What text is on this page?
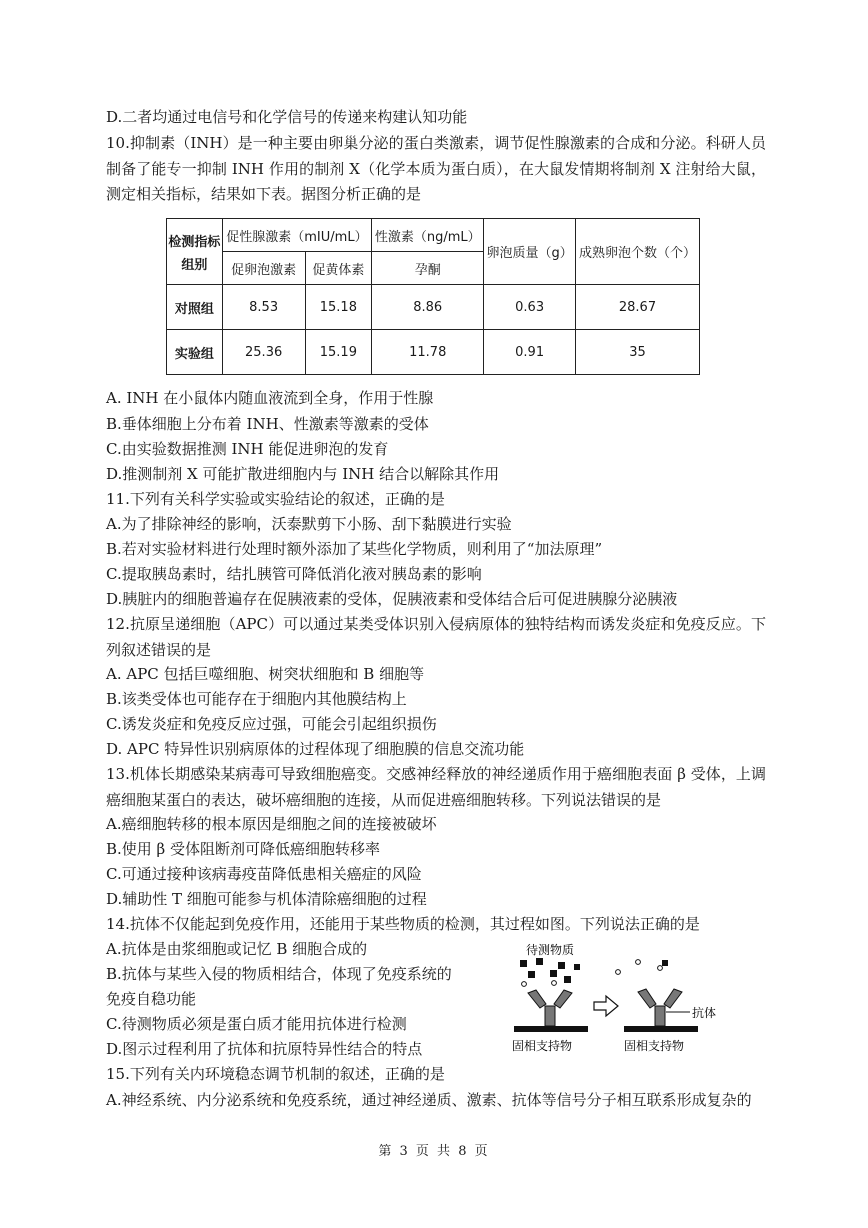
D.二者均通过电信号和化学信号的传递来构建认知功能
10.抑制素（INH）是一种主要由卵巢分泌的蛋白类激素，调节促性腺激素的合成和分泌。科研人员制备了能专一抑制 INH 作用的制剂 X（化学本质为蛋白质），在大鼠发情期将制剂 X 注射给大鼠，测定相关指标，结果如下表。据图分析正确的是
检测指标
组别	促性腺激素（mIU/mL）		性激素（ng/mL）	卵泡质量（g）	成熟卵泡个数（个）
	促卵泡激素	促黄体素	孕酮		
对照组	8.53	15.18	8.86	0.63	28.67
实验组	25.36	15.19	11.78	0.91	35
A. INH 在小鼠体内随血液流到全身，作用于性腺
B.垂体细胞上分布着 INH、性激素等激素的受体
C.由实验数据推测 INH 能促进卵泡的发育
D.推测制剂 X 可能扩散进细胞内与 INH 结合以解除其作用
11.下列有关科学实验或实验结论的叙述，正确的是
A.为了排除神经的影响，沃泰默剪下小肠、刮下黏膜进行实验
B.若对实验材料进行处理时额外添加了某些化学物质，则利用了“加法原理”
C.提取胰岛素时，结扎胰管可降低消化液对胰岛素的影响
D.胰脏内的细胞普遍存在促胰液素的受体，促胰液素和受体结合后可促进胰腺分泌胰液
12.抗原呈递细胞（APC）可以通过某类受体识别入侵病原体的独特结构而诱发炎症和免疫反应。下列叙述错误的是
A. APC 包括巨噬细胞、树突状细胞和 B 细胞等
B.该类受体也可能存在于细胞内其他膜结构上
C.诱发炎症和免疫反应过强，可能会引起组织损伤
D. APC 特异性识别病原体的过程体现了细胞膜的信息交流功能
13.机体长期感染某病毒可导致细胞癌变。交感神经释放的神经递质作用于癌细胞表面 β 受体，上调癌细胞某蛋白的表达，破坏癌细胞的连接，从而促进癌细胞转移。下列说法错误的是
A.癌细胞转移的根本原因是细胞之间的连接被破坏
B.使用 β 受体阻断剂可降低癌细胞转移率
C.可通过接种该病毒疫苗降低患相关癌症的风险
D.辅助性 T 细胞可能参与机体清除癌细胞的过程
14.抗体不仅能起到免疫作用，还能用于某些物质的检测，其过程如图。下列说法正确的是
A.抗体是由浆细胞或记忆 B 细胞合成的
B.抗体与某些入侵的物质相结合，体现了免疫系统的
免疫自稳功能
C.待测物质必须是蛋白质才能用抗体进行检测
D.图示过程利用了抗体和抗原特异性结合的特点
待测物质
固相支持物
抗体
固相支持物
15.下列有关内环境稳态调节机制的叙述，正确的是
A.神经系统、内分泌系统和免疫系统，通过神经递质、激素、抗体等信号分子相互联系形成复杂的
第 3 页 共 8 页
